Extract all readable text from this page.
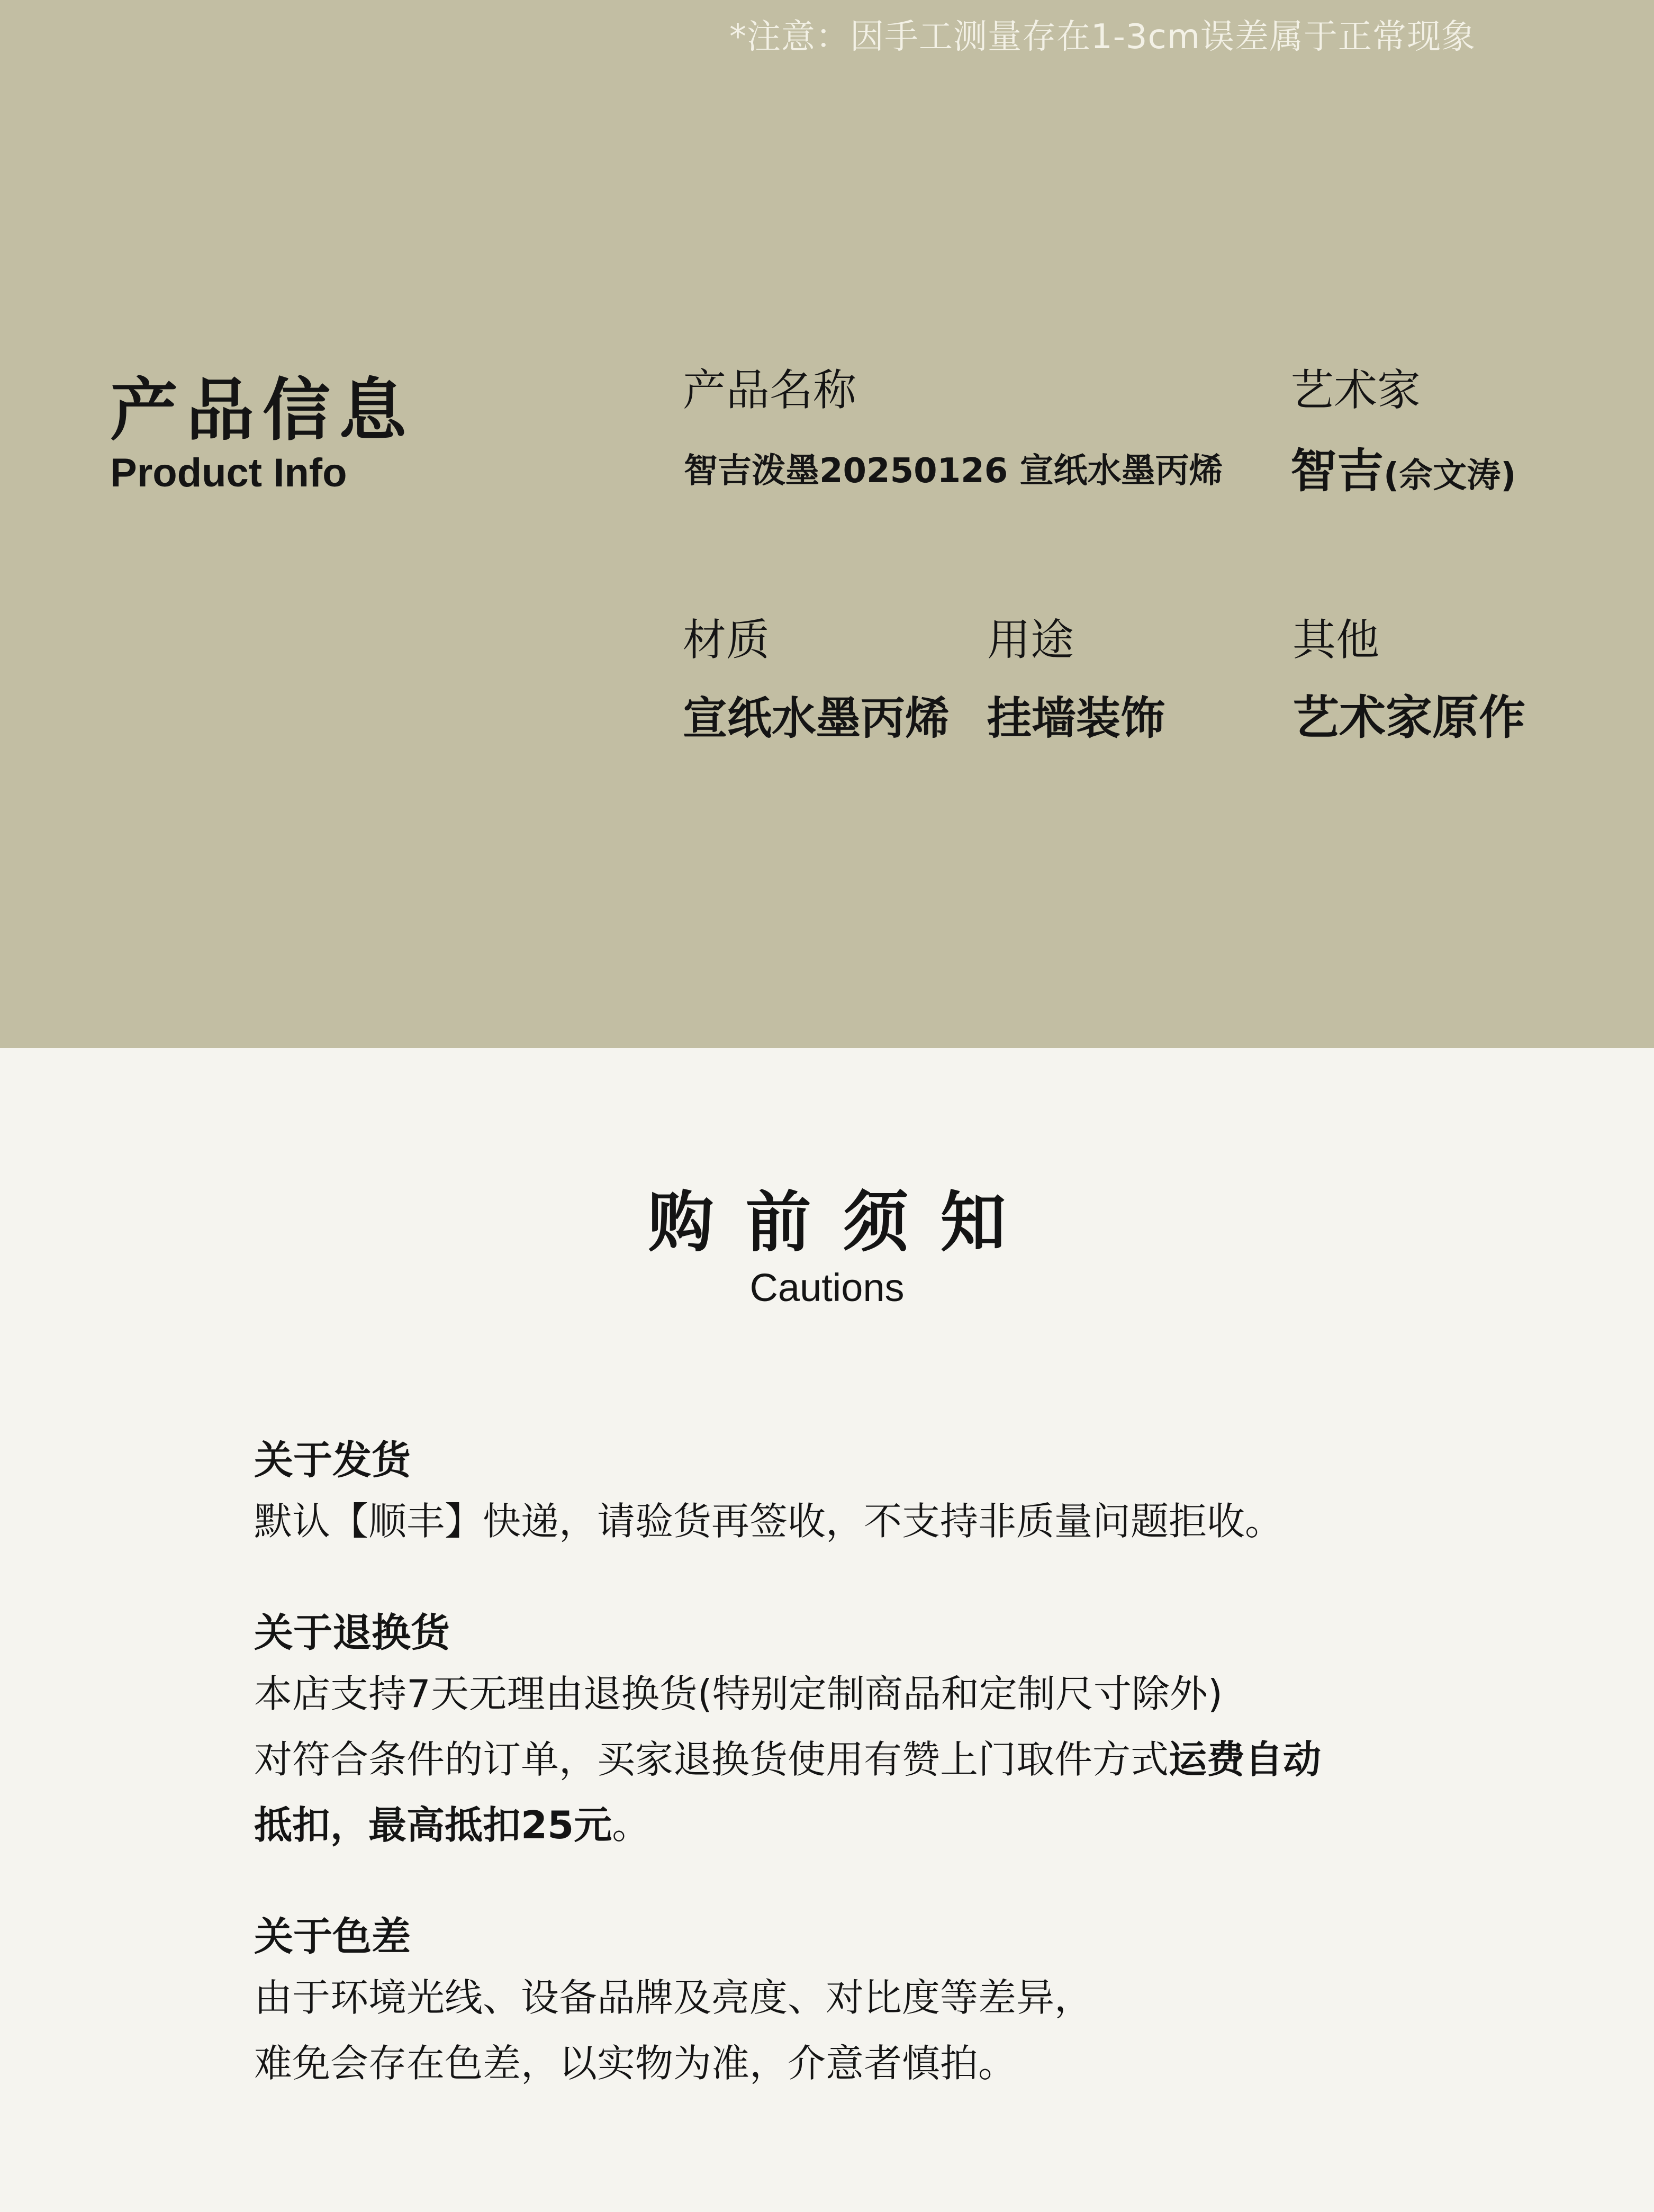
*注意：因手工测量存在1-3cm误差属于正常现象
产品信息
Product Info
产品名称
智吉泼墨20250126 宣纸水墨丙烯
艺术家
智吉(佘文涛)
材质
宣纸水墨丙烯
用途
挂墙装饰
其他
艺术家原作
购前须知
Cautions
关于发货

默认【顺丰】快递，请验货再签收，不支持非质量问题拒收。

关于退换货

本店支持7天无理由退换货(特别定制商品和定制尺寸除外)

对符合条件的订单，买家退换货使用有赞上门取件方式运费自动

抵扣，最高抵扣25元。

关于色差

由于环境光线、设备品牌及亮度、对比度等差异，

难免会存在色差，以实物为准，介意者慎拍。
